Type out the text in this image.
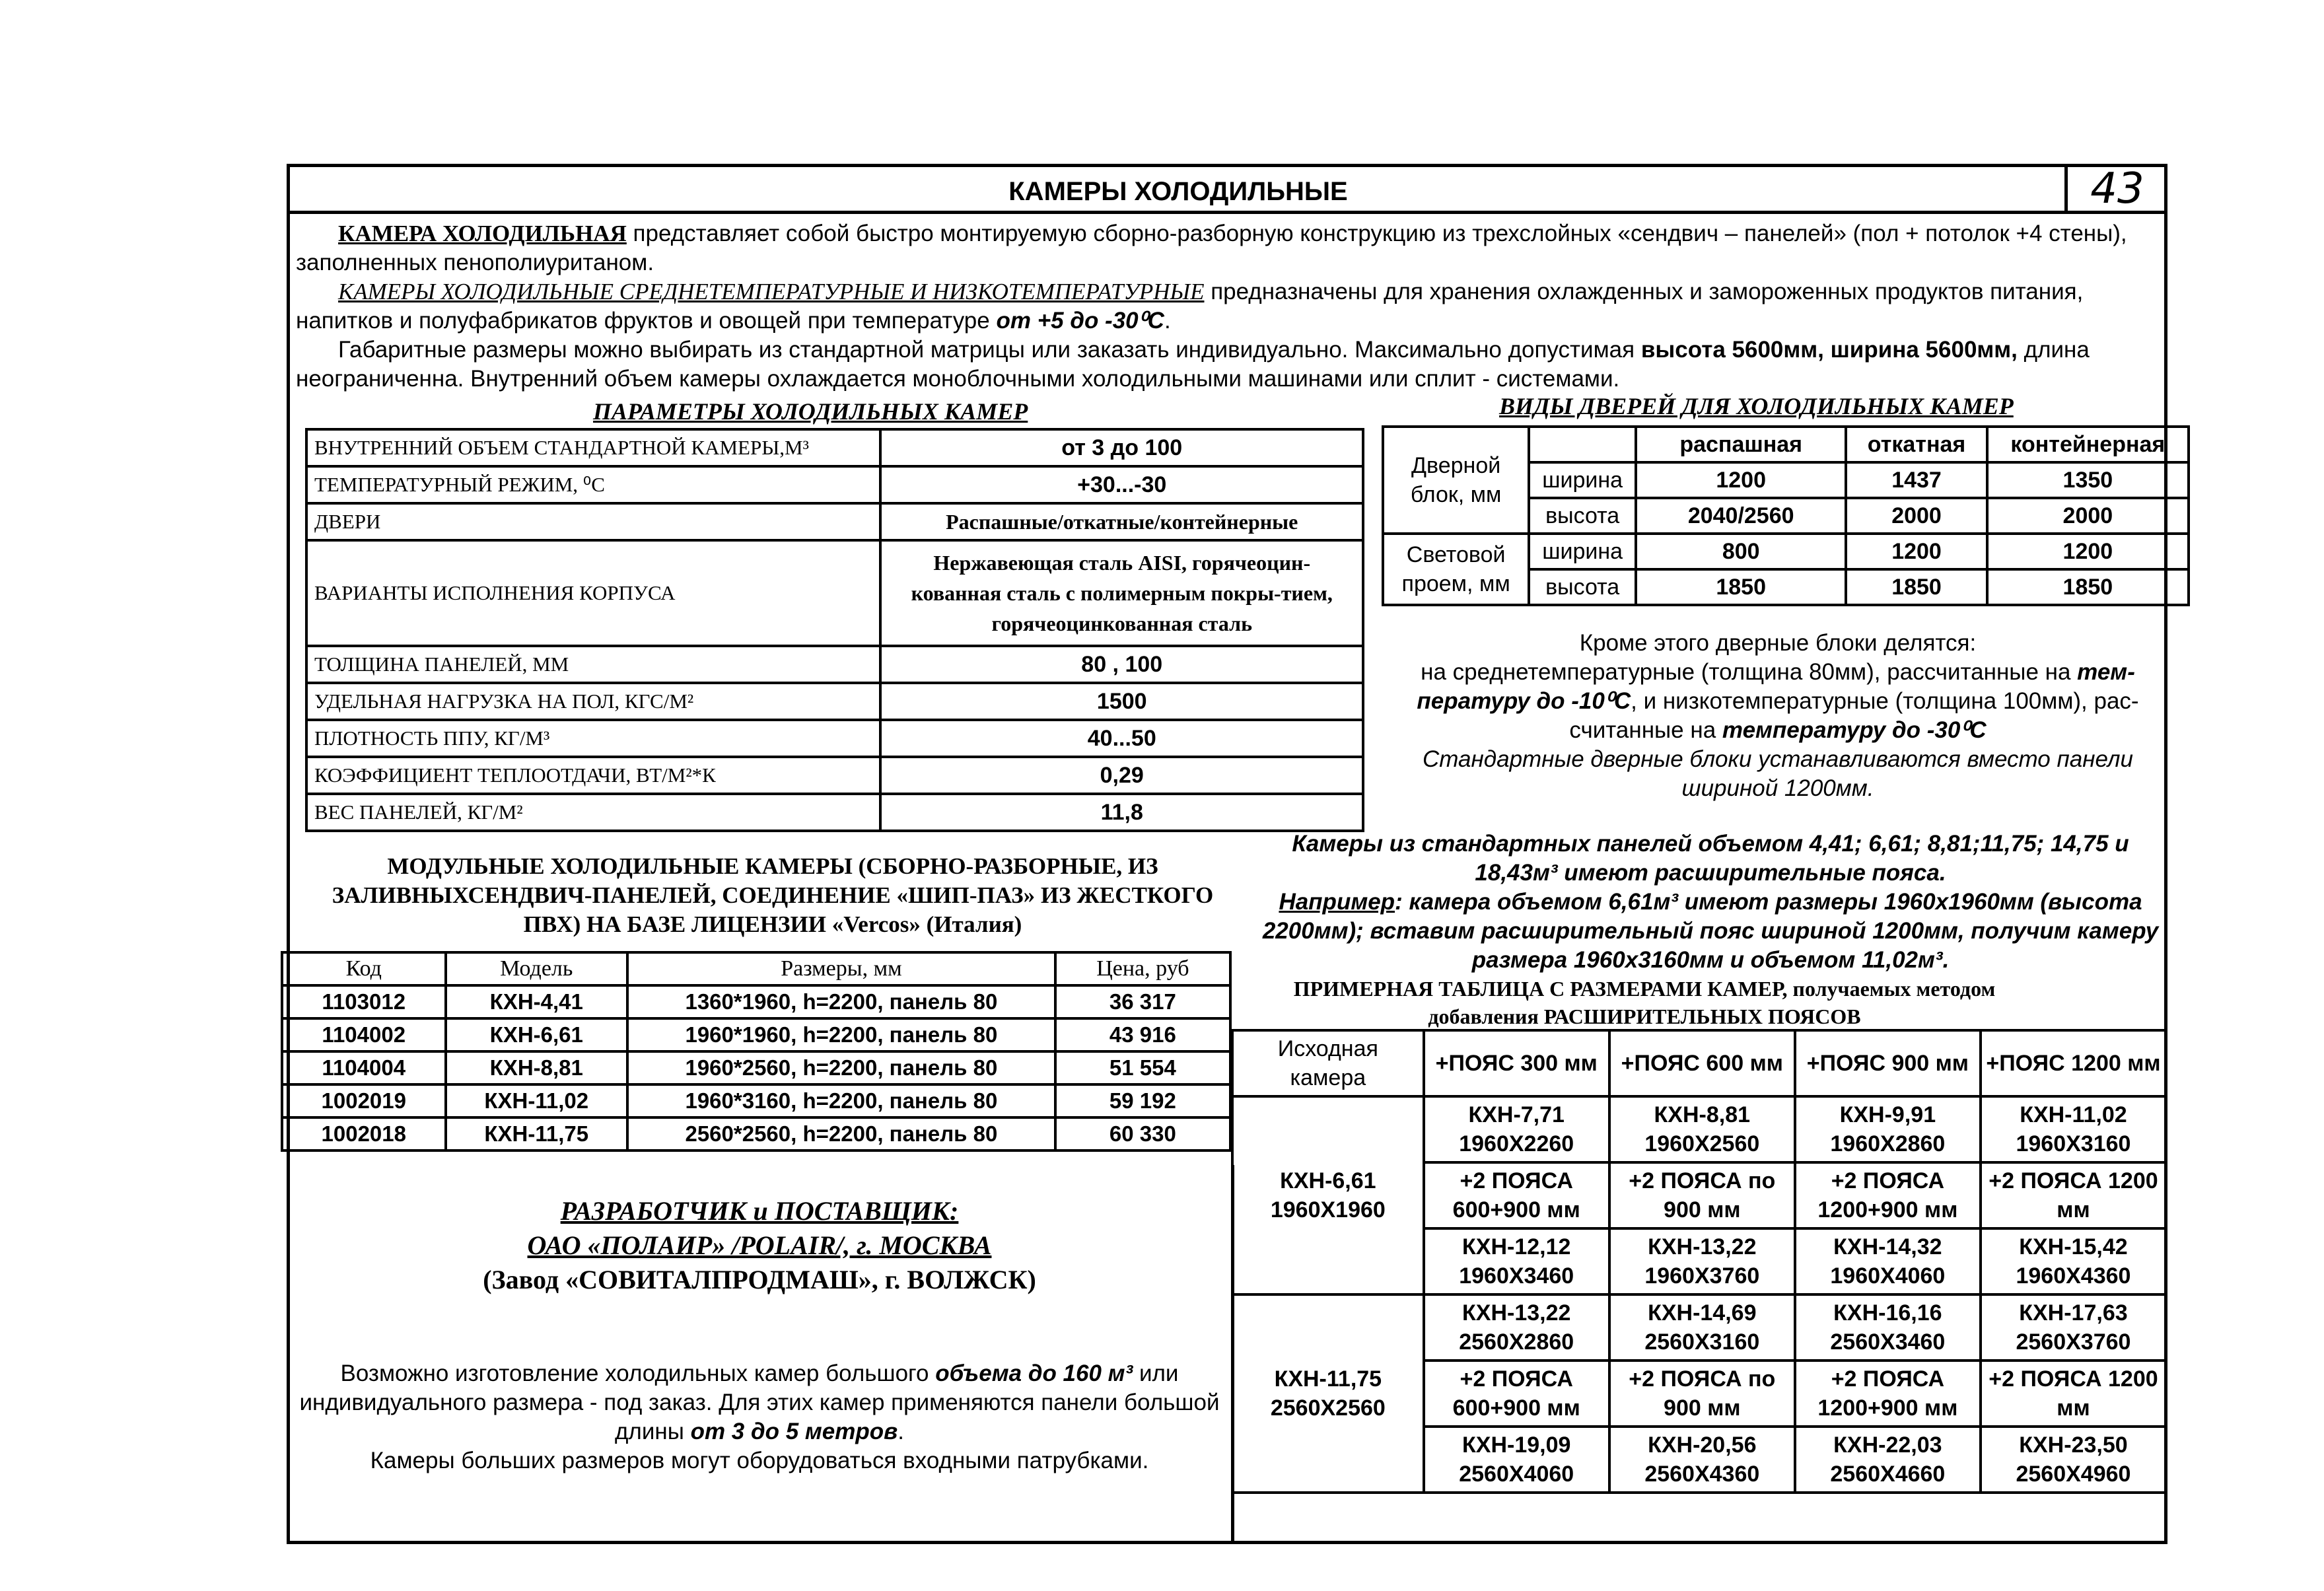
КАМЕРЫ ХОЛОДИЛЬНЫЕ	43
КАМЕРА ХОЛОДИЛЬНАЯ представляет собой быстро монтируемую сборно-разборную конструкцию из трехслойных «сендвич – панелей» (пол + потолок +4 стены), заполненных пенополиуританом.
КАМЕРЫ ХОЛОДИЛЬНЫЕ СРЕДНЕТЕМПЕРАТУРНЫЕ И НИЗКОТЕМПЕРАТУРНЫЕ предназначены для хранения охлажденных и замороженных продуктов питания, напитков и полуфабрикатов фруктов и овощей при температуре от +5 до -30⁰С.
Габаритные размеры можно выбирать из стандартной матрицы или заказать индивидуально. Максимально допустимая высота 5600мм, ширина 5600мм, длина неограниченна. Внутренний объем камеры охлаждается моноблочными холодильными машинами или сплит - системами.
ПАРАМЕТРЫ ХОЛОДИЛЬНЫХ КАМЕР	ВИДЫ ДВЕРЕЙ ДЛЯ ХОЛОДИЛЬНЫХ КАМЕР
ВНУТРЕННИЙ ОБЪЕМ СТАНДАРТНОЙ КАМЕРЫ,М³	от 3 до 100
ТЕМПЕРАТУРНЫЙ РЕЖИМ, ⁰С	+30...-30
ДВЕРИ	Распашные/откатные/контейнерные
ВАРИАНТЫ ИСПОЛНЕНИЯ КОРПУСА	Нержавеющая сталь AISI, горячеоцин-кованная сталь с полимерным покры-тием, горячеоцинкованная сталь
ТОЛЩИНА ПАНЕЛЕЙ, ММ	80 , 100
УДЕЛЬНАЯ НАГРУЗКА НА ПОЛ, КГС/М²	1500
ПЛОТНОСТЬ ППУ, КГ/М³	40...50
КОЭФФИЦИЕНТ ТЕПЛООТДАЧИ, ВТ/М²*К	0,29
ВЕС ПАНЕЛЕЙ, КГ/М²	11,8
Дверной блок, мм		распашная	откатная	контейнерная
	ширина	1200	1437	1350
	высота	2040/2560	2000	2000
Световой проем, мм	ширина	800	1200	1200
	высота	1850	1850	1850
Кроме этого дверные блоки делятся:
на среднетемпературные (толщина 80мм), рассчитанные на тем-пературу до -10⁰С, и низкотемпературные (толщина 100мм), рас-считанные на температуру до -30⁰С
Стандартные дверные блоки устанавливаются вместо панели шириной 1200мм.
Камеры из стандартных панелей объемом 4,41; 6,61; 8,81;11,75; 14,75 и 18,43м³ имеют расширительные пояса.
Например: камера объемом 6,61м³ имеют размеры 1960х1960мм (высота 2200мм); вставим расширительный пояс шириной 1200мм, получим камеру размера 1960х3160мм и объемом 11,02м³.
МОДУЛЬНЫЕ ХОЛОДИЛЬНЫЕ КАМЕРЫ (СБОРНО-РАЗБОРНЫЕ, ИЗ ЗАЛИВНЫХСЕНДВИЧ-ПАНЕЛЕЙ, СОЕДИНЕНИЕ «ШИП-ПАЗ» ИЗ ЖЕСТКОГО ПВХ) НА БАЗЕ ЛИЦЕНЗИИ «Vercos» (Италия)
Код	Модель	Размеры, мм	Цена, руб
1103012	КХН-4,41	1360*1960, h=2200, панель 80	36 317
1104002	КХН-6,61	1960*1960, h=2200, панель 80	43 916
1104004	КХН-8,81	1960*2560, h=2200, панель 80	51 554
1002019	КХН-11,02	1960*3160, h=2200, панель 80	59 192
1002018	КХН-11,75	2560*2560, h=2200, панель 80	60 330
РАЗРАБОТЧИК и ПОСТАВЩИК:
ОАО «ПОЛАИР» /POLAIR/, г. МОСКВА
(Завод «СОВИТАЛПРОДМАШ», г. ВОЛЖСК)
Возможно изготовление холодильных камер большого объема до 160 м³ или индивидуального размера - под заказ. Для этих камер применяются панели большой длины от 3 до 5 метров.
Камеры больших размеров могут оборудоваться входными патрубками.
ПРИМЕРНАЯ ТАБЛИЦА С РАЗМЕРАМИ КАМЕР, получаемых методом добавления РАСШИРИТЕЛЬНЫХ ПОЯСОВ
Исходная камера	+ПОЯС 300 мм	+ПОЯС 600 мм	+ПОЯС 900 мм	+ПОЯС 1200 мм
КХН-6,61 1960Х1960	КХН-7,71 1960Х2260	КХН-8,81 1960Х2560	КХН-9,91 1960Х2860	КХН-11,02 1960Х3160
	+2 ПОЯСА 600+900 мм	+2 ПОЯСА по 900 мм	+2 ПОЯСА 1200+900 мм	+2 ПОЯСА 1200 мм
	КХН-12,12 1960Х3460	КХН-13,22 1960Х3760	КХН-14,32 1960Х4060	КХН-15,42 1960Х4360
КХН-11,75 2560Х2560	КХН-13,22 2560Х2860	КХН-14,69 2560Х3160	КХН-16,16 2560Х3460	КХН-17,63 2560Х3760
	+2 ПОЯСА 600+900 мм	+2 ПОЯСА по 900 мм	+2 ПОЯСА 1200+900 мм	+2 ПОЯСА 1200 мм
	КХН-19,09 2560Х4060	КХН-20,56 2560Х4360	КХН-22,03 2560Х4660	КХН-23,50 2560Х4960
